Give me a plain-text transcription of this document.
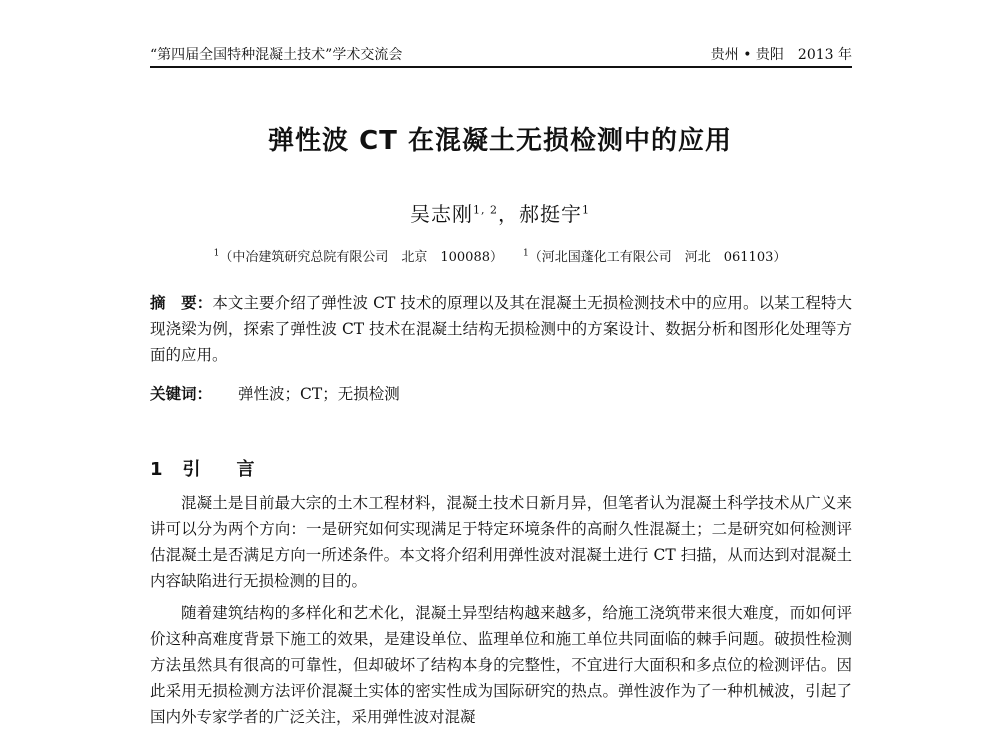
“第四届全国特种混凝土技术”学术交流会	贵州 • 贵阳　2013 年
弹性波 CT 在混凝土无损检测中的应用
吴志刚$^{1, 2}$，郝挺宇$^1$
$^1$（中冶建筑研究总院有限公司　北京　100088） $^1$（河北国蓬化工有限公司　河北　061103）
摘　要：本文主要介绍了弹性波 CT 技术的原理以及其在混凝土无损检测技术中的应用。以某工程特大现浇梁为例，探索了弹性波 CT 技术在混凝土结构无损检测中的方案设计、数据分析和图形化处理等方面的应用。
关键词： 弹性波；CT；无损检测
1 引　　言

混凝土是目前最大宗的土木工程材料，混凝土技术日新月异，但笔者认为混凝土科学技术从广义来讲可以分为两个方向：一是研究如何实现满足于特定环境条件的高耐久性混凝土；二是研究如何检测评估混凝土是否满足方向一所述条件。本文将介绍利用弹性波对混凝土进行 CT 扫描，从而达到对混凝土内容缺陷进行无损检测的目的。

随着建筑结构的多样化和艺术化，混凝土异型结构越来越多，给施工浇筑带来很大难度，而如何评价这种高难度背景下施工的效果，是建设单位、监理单位和施工单位共同面临的棘手问题。破损性检测方法虽然具有很高的可靠性，但却破坏了结构本身的完整性，不宜进行大面积和多点位的检测评估。因此采用无损检测方法评价混凝土实体的密实性成为国际研究的热点。弹性波作为了一种机械波，引起了国内外专家学者的广泛关注，采用弹性波对混凝
